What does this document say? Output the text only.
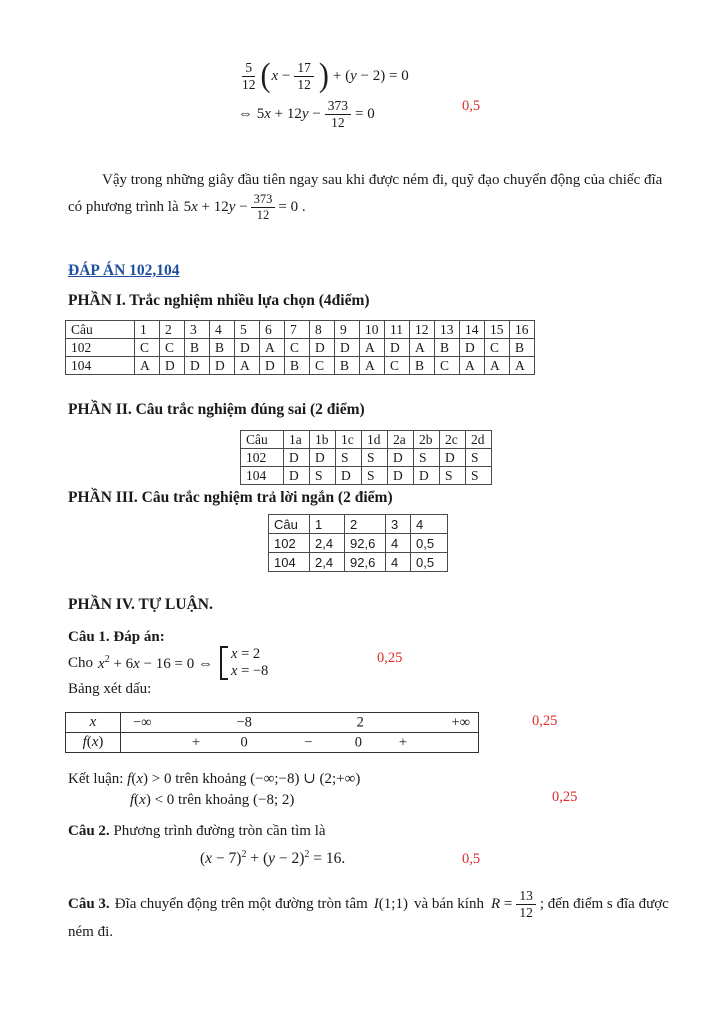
$\frac{5}{12}$ ( $x - \frac{17}{12}$ ) + (y − 2) = 0
⇔ $5x + 12y - \frac{373}{12} = 0$	0,5
Vậy trong những giây đầu tiên ngay sau khi được ném đi, quỹ đạo chuyển động của chiếc đĩa
có phương trình là $5x + 12y - \frac{373}{12} = 0$ .
ĐÁP ÁN 102,104
PHẦN I. Trắc nghiệm nhiều lựa chọn (4điểm)
Câu	1	2	3	4	5	6	7	8	9	10	11	12	13	14	15	16
102	C	C	B	B	D	A	C	D	D	A	D	A	B	D	C	B
104	A	D	D	D	A	D	B	C	B	A	C	B	C	A	A	A
PHẦN II. Câu trắc nghiệm đúng sai (2 điểm)
Câu	1a	1b	1c	1d	2a	2b	2c	2d
102	D	D	S	S	D	S	D	S
104	D	S	D	S	D	D	S	S
PHẦN III. Câu trắc nghiệm trả lời ngắn (2 điểm)
Câu	1	2	3	4
102	2,4	92,6	4	0,5
104	2,4	92,6	4	0,5
PHẦN IV. TỰ LUẬN.
Câu 1. Đáp án:
Cho $x^2 + 6x - 16 = 0$ ⇔
x = 2
x = −8
0,25
Bảng xét dấu:
x	−∞	−8	2	+∞
f ( x )	+	0	−	0	+
0,25
Kết luận: f(x) > 0 trên khoảng (−∞;−8) ∪ (2;+∞)
f(x) < 0 trên khoảng (−8; 2)	0,25
Câu 2. Phương trình đường tròn cần tìm là
$(x - 7)^2 + (y - 2)^2 = 16$.	0,5
Câu 3. Đĩa chuyển động trên một đường tròn tâm I(1;1) và bán kính $R = \frac{13}{12}$ ; đến điểm s đĩa được
ném đi.
